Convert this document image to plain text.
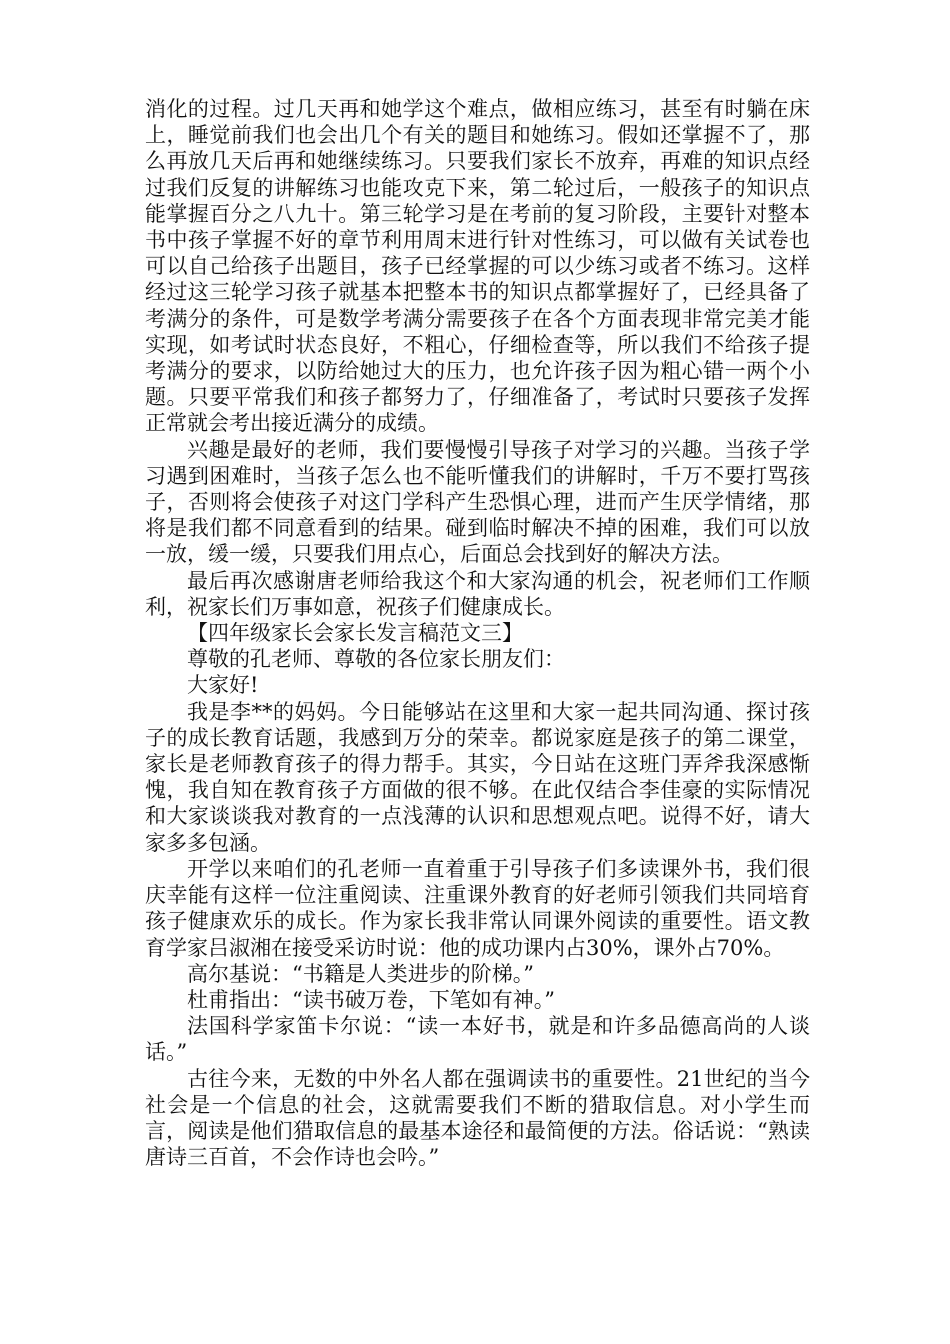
消化的过程。过几天再和她学这个难点，做相应练习，甚至有时躺在床上，睡觉前我们也会出几个有关的题目和她练习。假如还掌握不了，那么再放几天后再和她继续练习。只要我们家长不放弃，再难的知识点经过我们反复的讲解练习也能攻克下来，第二轮过后，一般孩子的知识点能掌握百分之八九十。第三轮学习是在考前的复习阶段，主要针对整本书中孩子掌握不好的章节利用周末进行针对性练习，可以做有关试卷也可以自己给孩子出题目，孩子已经掌握的可以少练习或者不练习。这样经过这三轮学习孩子就基本把整本书的知识点都掌握好了，已经具备了考满分的条件，可是数学考满分需要孩子在各个方面表现非常完美才能实现，如考试时状态良好，不粗心，仔细检查等，所以我们不给孩子提考满分的要求，以防给她过大的压力，也允许孩子因为粗心错一两个小题。只要平常我们和孩子都努力了，仔细准备了，考试时只要孩子发挥正常就会考出接近满分的成绩。

兴趣是最好的老师，我们要慢慢引导孩子对学习的兴趣。当孩子学习遇到困难时，当孩子怎么也不能听懂我们的讲解时，千万不要打骂孩子，否则将会使孩子对这门学科产生恐惧心理，进而产生厌学情绪，那将是我们都不同意看到的结果。碰到临时解决不掉的困难，我们可以放一放，缓一缓，只要我们用点心，后面总会找到好的解决方法。

最后再次感谢唐老师给我这个和大家沟通的机会，祝老师们工作顺利，祝家长们万事如意，祝孩子们健康成长。

【四年级家长会家长发言稿范文三】

尊敬的孔老师、尊敬的各位家长朋友们：

大家好!

我是李**的妈妈。今日能够站在这里和大家一起共同沟通、探讨孩子的成长教育话题，我感到万分的荣幸。都说家庭是孩子的第二课堂，家长是老师教育孩子的得力帮手。其实，今日站在这班门弄斧我深感惭愧，我自知在教育孩子方面做的很不够。在此仅结合李佳豪的实际情况和大家谈谈我对教育的一点浅薄的认识和思想观点吧。说得不好，请大家多多包涵。

开学以来咱们的孔老师一直着重于引导孩子们多读课外书，我们很庆幸能有这样一位注重阅读、注重课外教育的好老师引领我们共同培育孩子健康欢乐的成长。作为家长我非常认同课外阅读的重要性。语文教育学家吕淑湘在接受采访时说：他的成功课内占30%，课外占70%。

高尔基说：“书籍是人类进步的阶梯。”

杜甫指出：“读书破万卷，下笔如有神。”

法国科学家笛卡尔说：“读一本好书，就是和许多品德高尚的人谈话。”

古往今来，无数的中外名人都在强调读书的重要性。21世纪的当今社会是一个信息的社会，这就需要我们不断的猎取信息。对小学生而言，阅读是他们猎取信息的最基本途径和最简便的方法。俗话说：“熟读唐诗三百首，不会作诗也会吟。”
